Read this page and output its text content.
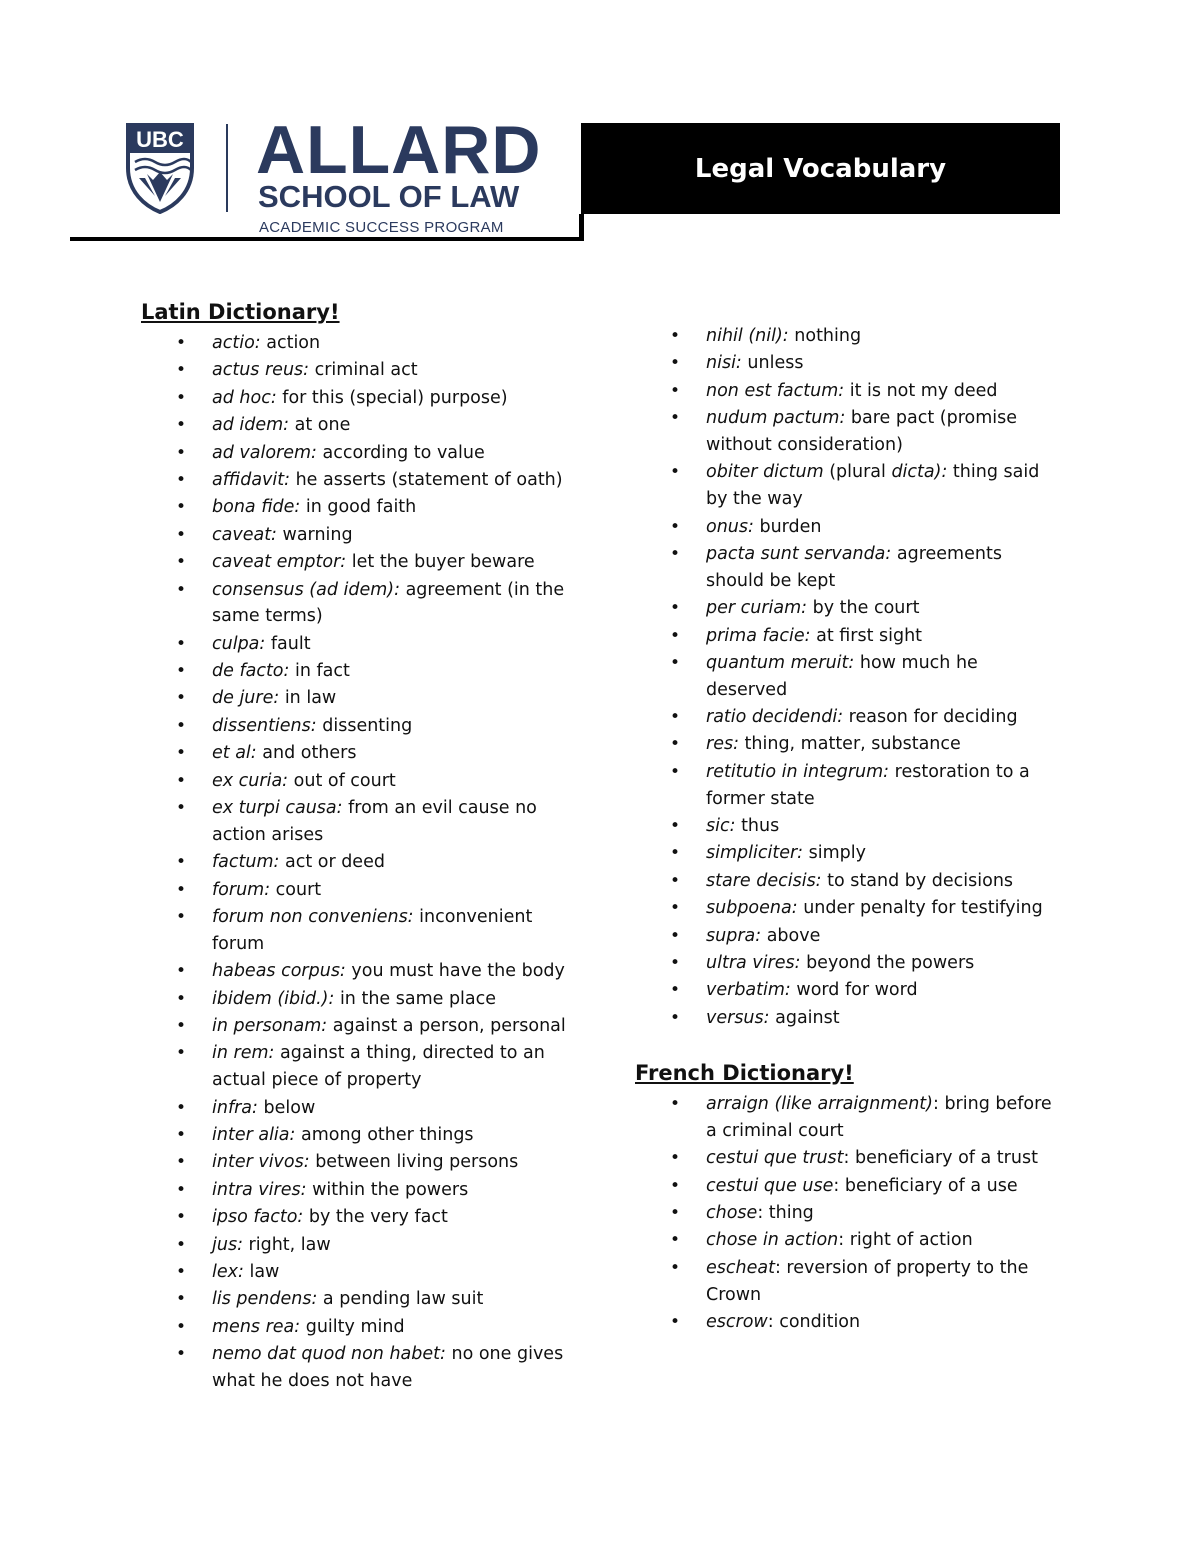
UBC ALLARD
SCHOOL OF LAW
ACADEMIC SUCCESS PROGRAM
Legal Vocabulary
Latin Dictionary!
• actio: action
• actus reus: criminal act
• ad hoc: for this (special) purpose)
• ad idem: at one
• ad valorem: according to value
• affidavit: he asserts (statement of oath)
• bona fide: in good faith
• caveat: warning
• caveat emptor: let the buyer beware
• consensus (ad idem): agreement (in the same terms)
• culpa: fault
• de facto: in fact
• de jure: in law
• dissentiens: dissenting
• et al: and others
• ex curia: out of court
• ex turpi causa: from an evil cause no action arises
• factum: act or deed
• forum: court
• forum non conveniens: inconvenient forum
• habeas corpus: you must have the body
• ibidem (ibid.): in the same place
• in personam: against a person, personal
• in rem: against a thing, directed to an actual piece of property
• infra: below
• inter alia: among other things
• inter vivos: between living persons
• intra vires: within the powers
• ipso facto: by the very fact
• jus: right, law
• lex: law
• lis pendens: a pending law suit
• mens rea: guilty mind
• nemo dat quod non habet: no one gives what he does not have
• nihil (nil): nothing
• nisi: unless
• non est factum: it is not my deed
• nudum pactum: bare pact (promise without consideration)
• obiter dictum (plural dicta): thing said by the way
• onus: burden
• pacta sunt servanda: agreements should be kept
• per curiam: by the court
• prima facie: at first sight
• quantum meruit: how much he deserved
• ratio decidendi: reason for deciding
• res: thing, matter, substance
• retitutio in integrum: restoration to a former state
• sic: thus
• simpliciter: simply
• stare decisis: to stand by decisions
• subpoena: under penalty for testifying
• supra: above
• ultra vires: beyond the powers
• verbatim: word for word
• versus: against
French Dictionary!
• arraign (like arraignment): bring before a criminal court
• cestui que trust: beneficiary of a trust
• cestui que use: beneficiary of a use
• chose: thing
• chose in action: right of action
• escheat: reversion of property to the Crown
• escrow: condition
